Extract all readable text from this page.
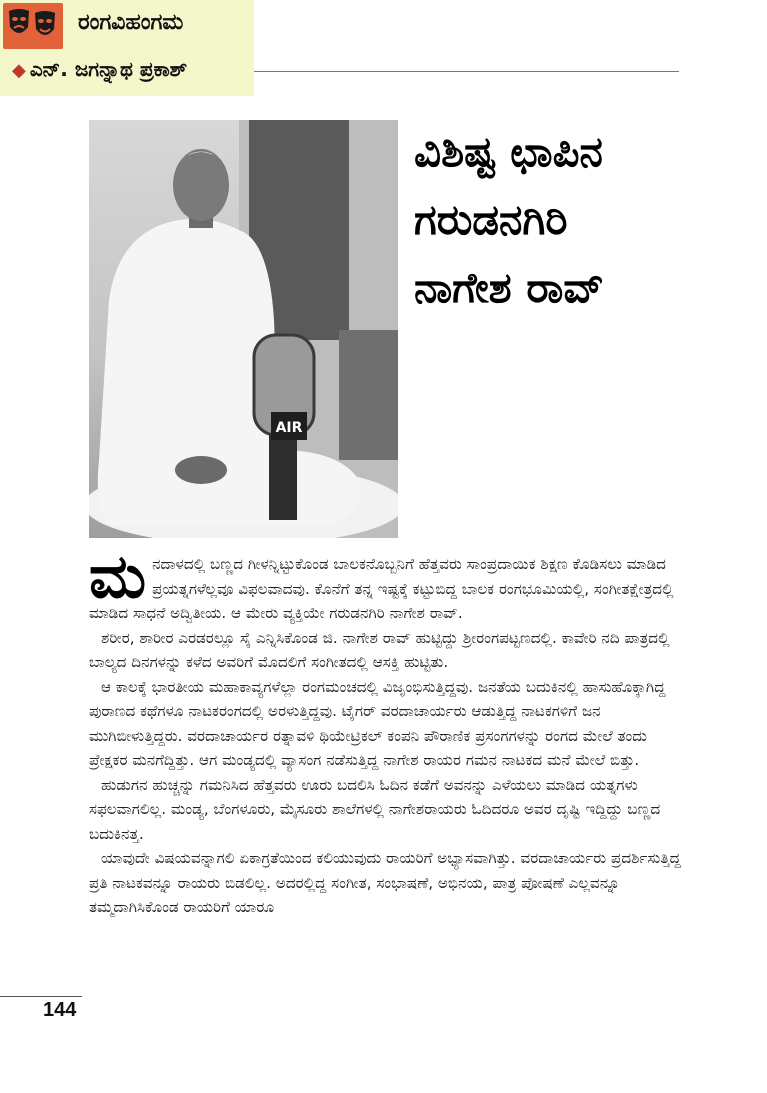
ರಂಗವಿಹಂಗಮ
◆ ಎನ್. ಜಗನ್ನಾಥ ಪ್ರಕಾಶ್
AIR
ವಿಶಿಷ್ಟ ಛಾಪಿನ
ಗರುಡನಗಿರಿ
ನಾಗೇಶ ರಾವ್

ಮನದಾಳದಲ್ಲಿ ಬಣ್ಣದ ಗೀಳನ್ನಿಟ್ಟುಕೊಂಡ ಬಾಲಕನೊಬ್ಬನಿಗೆ ಹೆತ್ತವರು ಸಾಂಪ್ರದಾಯಿಕ ಶಿಕ್ಷಣ ಕೊಡಿಸಲು ಮಾಡಿದ ಪ್ರಯತ್ನಗಳೆಲ್ಲವೂ ವಿಫಲವಾದವು. ಕೊನೆಗೆ ತನ್ನ ಇಷ್ಟಕ್ಕೆ ಕಟ್ಟುಬಿದ್ದ ಬಾಲಕ ರಂಗಭೂಮಿಯಲ್ಲಿ, ಸಂಗೀತಕ್ಷೇತ್ರದಲ್ಲಿ ಮಾಡಿದ ಸಾಧನೆ ಅದ್ವಿತೀಯ. ಆ ಮೇರು ವ್ಯಕ್ತಿಯೇ ಗರುಡನಗಿರಿ ನಾಗೇಶ ರಾವ್.

ಶರೀರ, ಶಾರೀರ ಎರಡರಲ್ಲೂ ಸೈ ಎನ್ನಿಸಿಕೊಂಡ ಜಿ. ನಾಗೇಶ ರಾವ್ ಹುಟ್ಟಿದ್ದು ಶ್ರೀರಂಗಪಟ್ಟಣದಲ್ಲಿ. ಕಾವೇರಿ ನದಿ ಪಾತ್ರದಲ್ಲಿ ಬಾಲ್ಯದ ದಿನಗಳನ್ನು ಕಳೆದ ಅವರಿಗೆ ಮೊದಲಿಗೆ ಸಂಗೀತದಲ್ಲಿ ಆಸಕ್ತಿ ಹುಟ್ಟಿತು.

ಆ ಕಾಲಕ್ಕೆ ಭಾರತೀಯ ಮಹಾಕಾವ್ಯಗಳೆಲ್ಲಾ ರಂಗಮಂಚದಲ್ಲಿ ವಿಜೃಂಭಿಸುತ್ತಿದ್ದವು. ಜನತೆಯ ಬದುಕಿನಲ್ಲಿ ಹಾಸುಹೊಕ್ಕಾಗಿದ್ದ ಪುರಾಣದ ಕಥೆಗಳೂ ನಾಟಕರಂಗದಲ್ಲಿ ಅರಳುತ್ತಿದ್ದವು. ಟೈಗರ್ ವರದಾಚಾರ್ಯರು ಆಡುತ್ತಿದ್ದ ನಾಟಕಗಳಿಗೆ ಜನ ಮುಗಿಬೀಳುತ್ತಿದ್ದರು. ವರದಾಚಾರ್ಯರ ರತ್ನಾವಳಿ ಥಿಯೇಟ್ರಿಕಲ್ ಕಂಪನಿ ಪೌರಾಣಿಕ ಪ್ರಸಂಗಗಳನ್ನು ರಂಗದ ಮೇಲೆ ತಂದು ಪ್ರೇಕ್ಷಕರ ಮನಗೆದ್ದಿತ್ತು. ಆಗ ಮಂಡ್ಯದಲ್ಲಿ ವ್ಯಾಸಂಗ ನಡೆಸುತ್ತಿದ್ದ ನಾಗೇಶ ರಾಯರ ಗಮನ ನಾಟಕದ ಮನೆ ಮೇಲೆ ಬಿತ್ತು.

ಹುಡುಗನ ಹುಚ್ಚನ್ನು ಗಮನಿಸಿದ ಹೆತ್ತವರು ಊರು ಬದಲಿಸಿ ಓದಿನ ಕಡೆಗೆ ಅವನನ್ನು ಎಳೆಯಲು ಮಾಡಿದ ಯತ್ನಗಳು ಸಫಲವಾಗಲಿಲ್ಲ. ಮಂಡ್ಯ, ಬೆಂಗಳೂರು, ಮೈಸೂರು ಶಾಲೆಗಳಲ್ಲಿ ನಾಗೇಶರಾಯರು ಓದಿದರೂ ಅವರ ದೃಷ್ಟಿ ಇದ್ದಿದ್ದು ಬಣ್ಣದ ಬದುಕಿನತ್ತ.

ಯಾವುದೇ ವಿಷಯವನ್ನಾಗಲಿ ಏಕಾಗ್ರತೆಯಿಂದ ಕಲಿಯುವುದು ರಾಯರಿಗೆ ಅಭ್ಯಾಸವಾಗಿತ್ತು. ವರದಾಚಾರ್ಯರು ಪ್ರದರ್ಶಿಸುತ್ತಿದ್ದ ಪ್ರತಿ ನಾಟಕವನ್ನೂ ರಾಯರು ಬಿಡಲಿಲ್ಲ. ಅದರಲ್ಲಿದ್ದ ಸಂಗೀತ, ಸಂಭಾಷಣೆ, ಅಭಿನಯ, ಪಾತ್ರ ಪೋಷಣೆ ಎಲ್ಲವನ್ನೂ ತಮ್ಮದಾಗಿಸಿಕೊಂಡ ರಾಯರಿಗೆ ಯಾರೂ

144
